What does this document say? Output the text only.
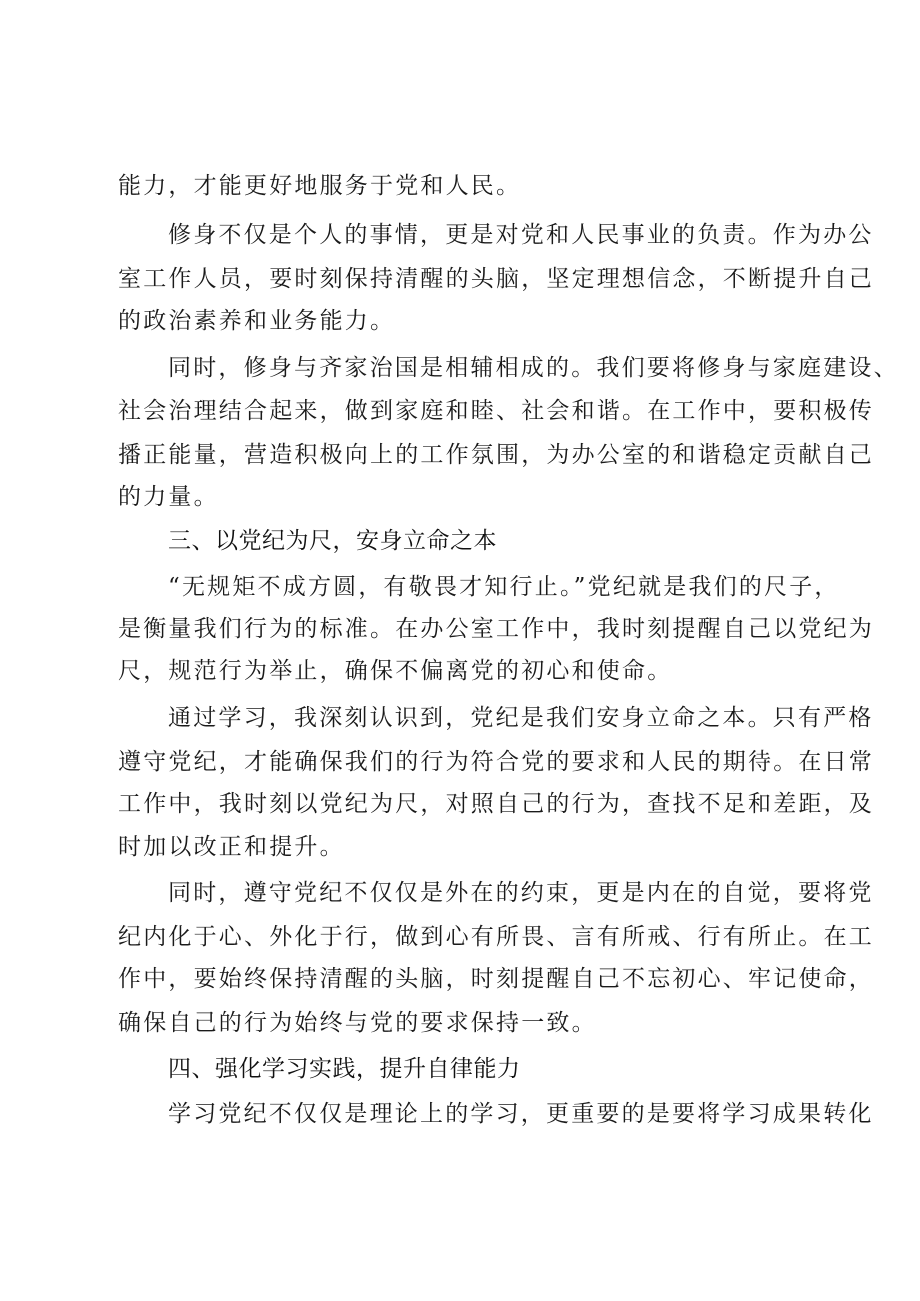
能力，才能更好地服务于党和人民。
修身不仅是个人的事情，更是对党和人民事业的负责。作为办公
室工作人员，要时刻保持清醒的头脑，坚定理想信念，不断提升自己
的政治素养和业务能力。
同时，修身与齐家治国是相辅相成的。我们要将修身与家庭建设、
社会治理结合起来，做到家庭和睦、社会和谐。在工作中，要积极传
播正能量，营造积极向上的工作氛围，为办公室的和谐稳定贡献自己
的力量。
三、以党纪为尺，安身立命之本
“无规矩不成方圆，有敬畏才知行止。”党纪就是我们的尺子，
是衡量我们行为的标准。在办公室工作中，我时刻提醒自己以党纪为
尺，规范行为举止，确保不偏离党的初心和使命。
通过学习，我深刻认识到，党纪是我们安身立命之本。只有严格
遵守党纪，才能确保我们的行为符合党的要求和人民的期待。在日常
工作中，我时刻以党纪为尺，对照自己的行为，查找不足和差距，及
时加以改正和提升。
同时，遵守党纪不仅仅是外在的约束，更是内在的自觉，要将党
纪内化于心、外化于行，做到心有所畏、言有所戒、行有所止。在工
作中，要始终保持清醒的头脑，时刻提醒自己不忘初心、牢记使命，
确保自己的行为始终与党的要求保持一致。
四、强化学习实践，提升自律能力
学习党纪不仅仅是理论上的学习，更重要的是要将学习成果转化
